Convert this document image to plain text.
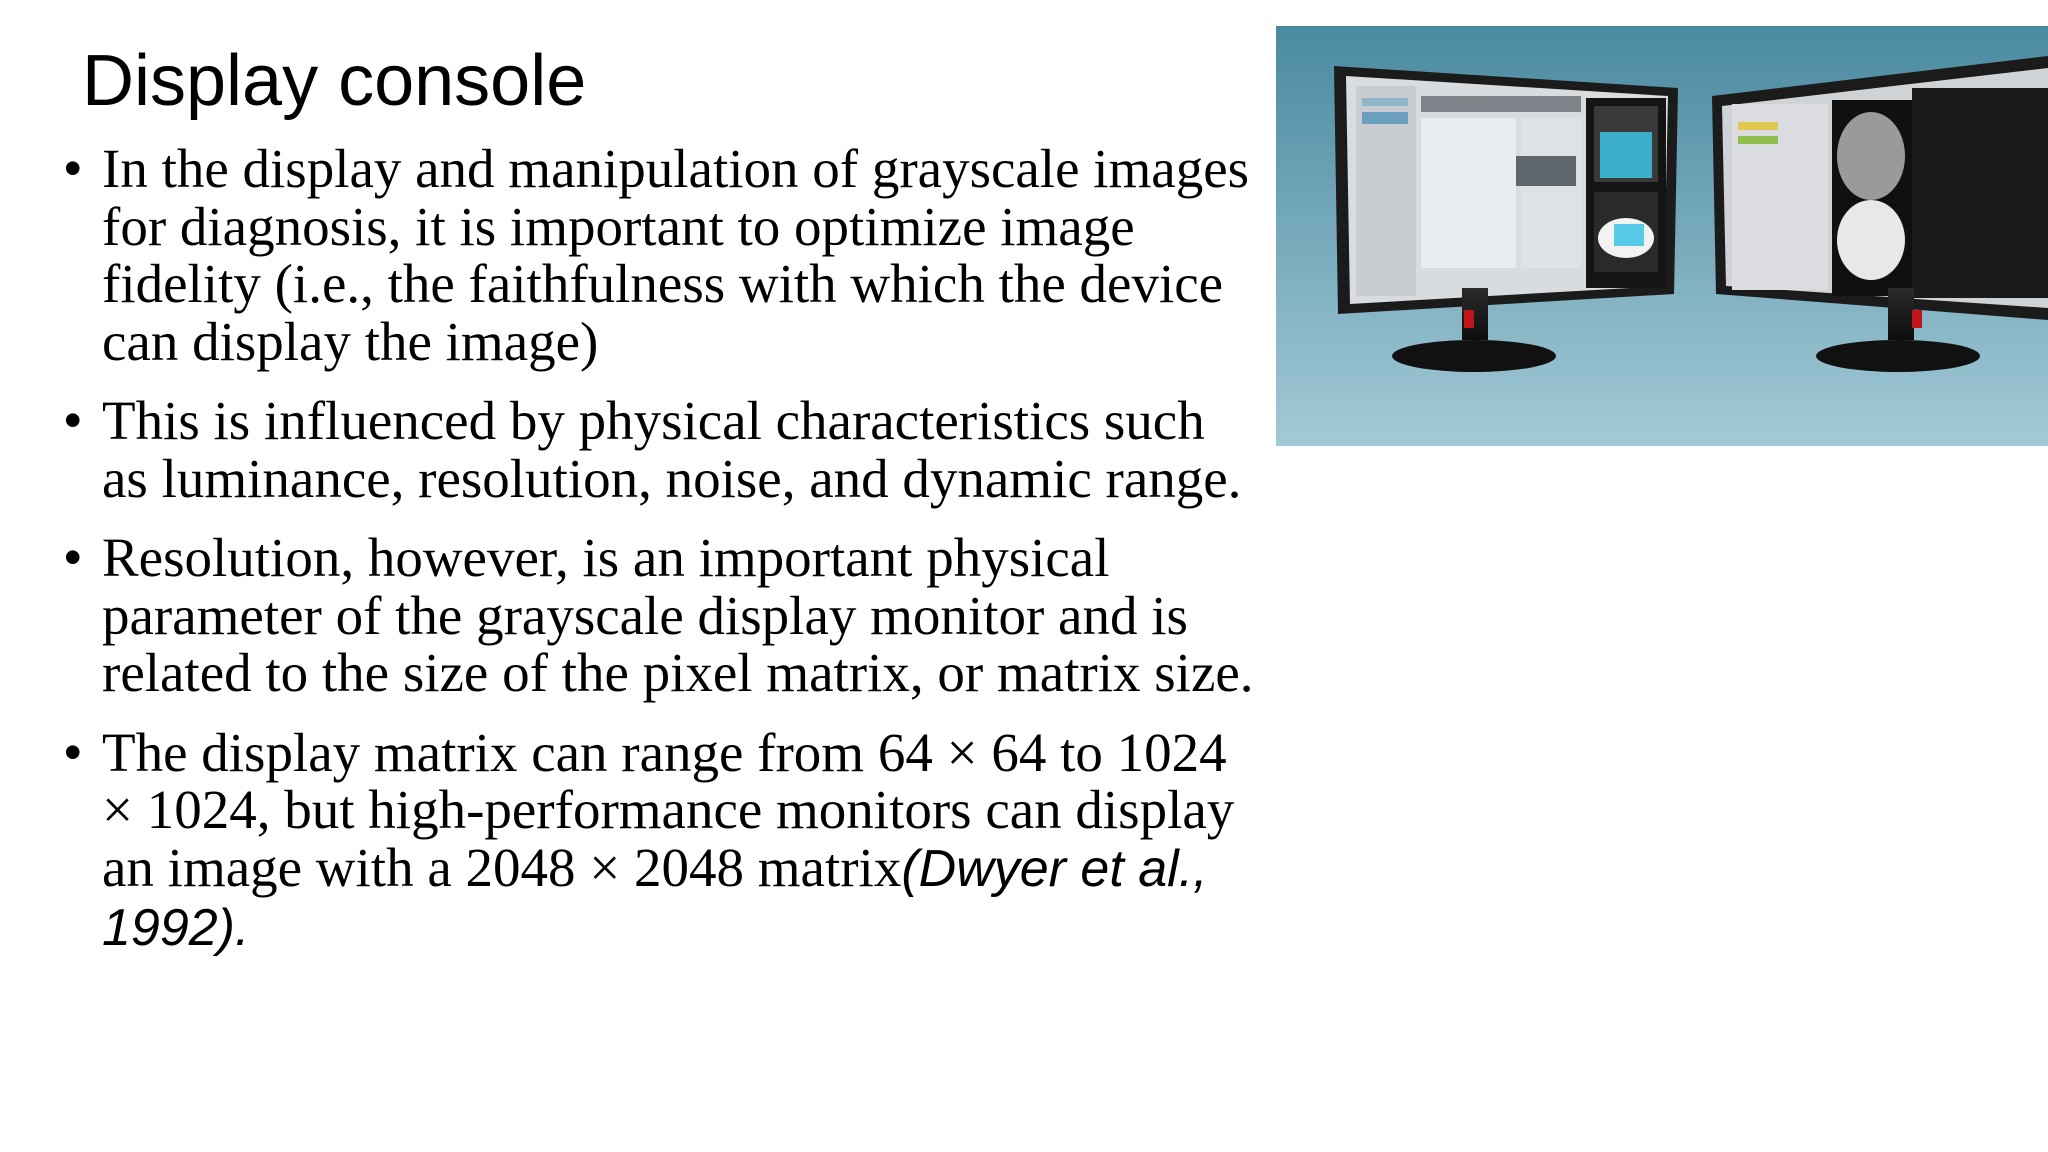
Display console
• In the display and manipulation of grayscale images for diagnosis, it is important to optimize image fidelity (i.e., the faithfulness with which the device can display the image)
• This is influenced by physical characteristics such as luminance, resolution, noise, and dynamic range.
• Resolution, however, is an important physical parameter of the grayscale display monitor and is related to the size of the pixel matrix, or matrix size.
• The display matrix can range from 64 × 64 to 1024 × 1024, but high-performance monitors can display an image with a 2048 × 2048 matrix(Dwyer et al., 1992).
